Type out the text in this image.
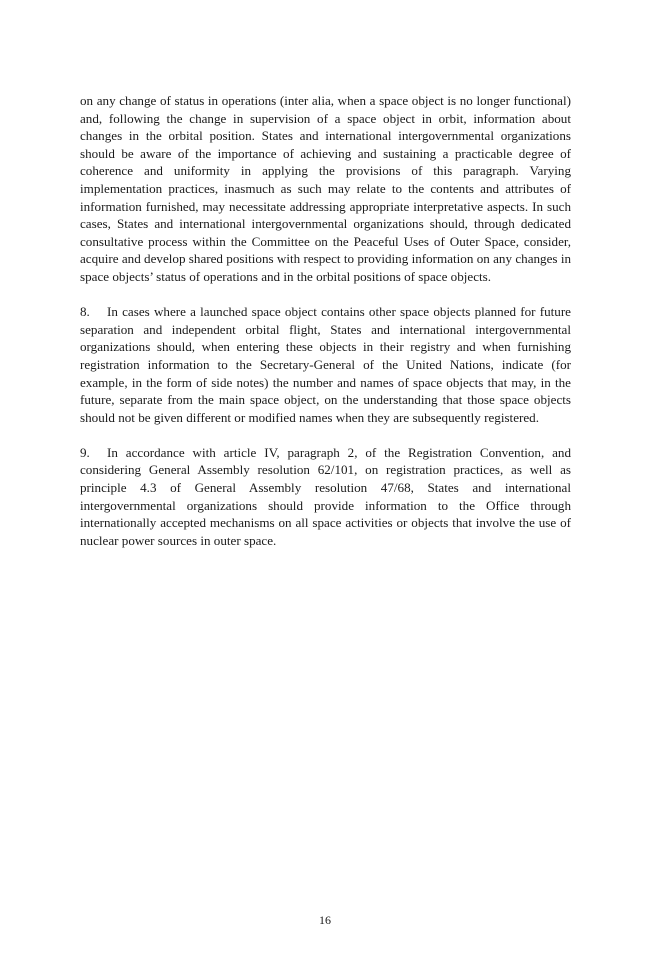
on any change of status in operations (inter alia, when a space object is no longer functional) and, following the change in supervision of a space object in orbit, information about changes in the orbital position. States and international intergovernmental organizations should be aware of the importance of achieving and sustaining a practicable degree of coherence and uniformity in applying the provisions of this paragraph. Varying implementation practices, inasmuch as such may relate to the contents and attributes of information furnished, may necessitate addressing appropriate interpretative aspects. In such cases, States and international intergovernmental organizations should, through dedicated consultative process within the Committee on the Peaceful Uses of Outer Space, consider, acquire and develop shared positions with respect to providing information on any changes in space objects’ status of operations and in the orbital positions of space objects.

8. In cases where a launched space object contains other space objects planned for future separation and independent orbital flight, States and international intergovernmental organizations should, when entering these objects in their registry and when furnishing registration information to the Secretary-General of the United Nations, indicate (for example, in the form of side notes) the number and names of space objects that may, in the future, separate from the main space object, on the understanding that those space objects should not be given different or modified names when they are subsequently registered.

9. In accordance with article IV, paragraph 2, of the Registration Convention, and considering General Assembly resolution 62/101, on registration practices, as well as principle 4.3 of General Assembly resolution 47/68, States and international intergovernmental organizations should provide information to the Office through internationally accepted mechanisms on all space activities or objects that involve the use of nuclear power sources in outer space.

16
